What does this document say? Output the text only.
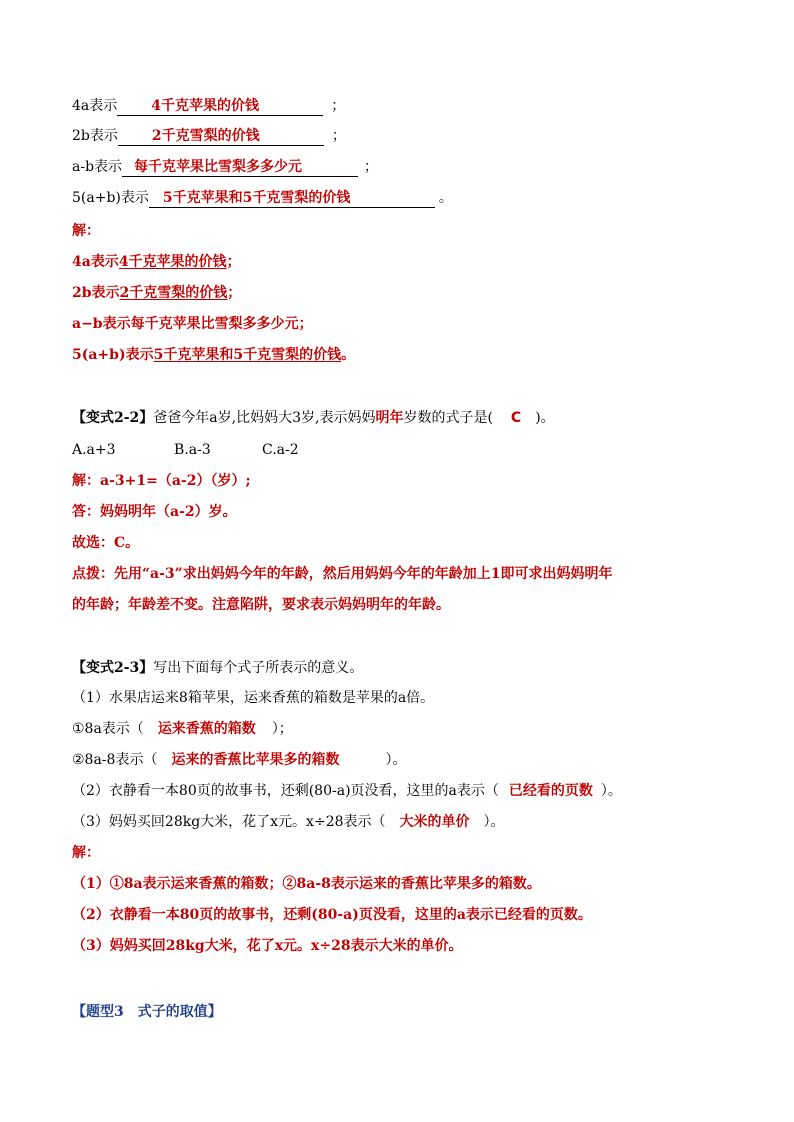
4a表示 4千克苹果的价钱	；
2b表示 2千克雪梨的价钱	；
a-b表示 每千克苹果比雪梨多多少元	；
5(a+b)表示 5千克苹果和5千克雪梨的价钱	。
解：
4a表示4千克苹果的价钱；
2b表示2千克雪梨的价钱；
a−b表示每千克苹果比雪梨多多少元；
5(a+b)表示5千克苹果和5千克雪梨的价钱。
【变式2-2】爸爸今年a岁,比妈妈大3岁,表示妈妈明年岁数的式子是( C )。
A.a+3	B.a-3	C.a-2
解：a-3+1=（a-2）（岁）;
答：妈妈明年（a-2）岁。
故选：C。
点拨：先用“a-3”求出妈妈今年的年龄，然后用妈妈今年的年龄加上1即可求出妈妈明年
的年龄；年龄差不变。注意陷阱，要求表示妈妈明年的年龄。
【变式2-3】写出下面每个式子所表示的意义。
（1）水果店运来8箱苹果，运来香蕉的箱数是苹果的a倍。
①8a表示（ 运来香蕉的箱数 ）；
②8a-8表示（ 运来的香蕉比苹果多的箱数	）。
（2）衣静看一本80页的故事书，还剩(80-a)页没看，这里的a表示（ 已经看的页数 ）。
（3）妈妈买回28kg大米，花了x元。x÷28表示（ 大米的单价 ）。
解：
（1）①8a表示运来香蕉的箱数；②8a-8表示运来的香蕉比苹果多的箱数。
（2）衣静看一本80页的故事书，还剩(80-a)页没看，这里的a表示已经看的页数。
（3）妈妈买回28kg大米，花了x元。x÷28表示大米的单价。
【题型3　式子的取值】
